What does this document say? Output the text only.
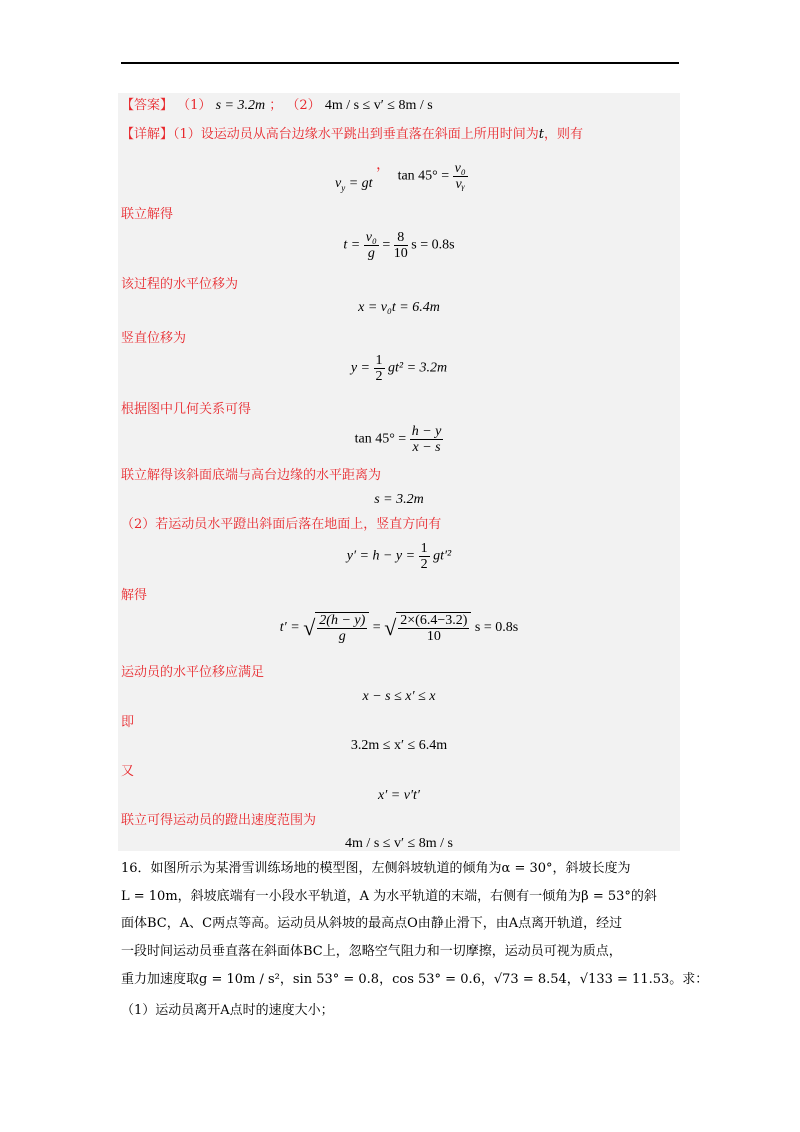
【答案】 （1） s = 3.2m ； （2） 4m / s ≤ v′ ≤ 8m / s
【详解】（1）设运动员从高台边缘水平跳出到垂直落在斜面上所用时间为t，则有
$v_y$ = gt ， $\tan 45^\circ = \frac{\text{v₀}}{\text{vᵧ}}$
联立解得
$t = \frac{\text{v₀}}{g} = \frac{8}{10}$ s = 0.8s
该过程的水平位移为
x = v₀t = 6.4m
竖直位移为
$y = \frac{1}{2} gt^2 = 3.2m$
根据图中几何关系可得
$\tan 45^\circ = \frac{h - y}{x - s}$
联立解得该斜面底端与高台边缘的水平距离为
s = 3.2m
（2）若运动员水平蹬出斜面后落在地面上，竖直方向有
$y' = h - y = \frac{1}{2} gt'^2$
解得
t′ = √ $\frac{2(h - y)}{g}$ = √ $\frac{2\times(6.4-3.2)}{10}$ s = 0.8s
运动员的水平位移应满足
x − s ≤ x′ ≤ x
即
3.2m ≤ x′ ≤ 6.4m
又
x′ = v′t′
联立可得运动员的蹬出速度范围为
4m / s ≤ v′ ≤ 8m / s
16．如图所示为某滑雪训练场地的模型图，左侧斜坡轨道的倾角为α = 30°，斜坡长度为
L = 10m，斜坡底端有一小段水平轨道，A 为水平轨道的末端，右侧有一倾角为β = 53°的斜
面体BC，A、C两点等高。运动员从斜坡的最高点O由静止滑下，由A点离开轨道，经过
一段时间运动员垂直落在斜面体BC上，忽略空气阻力和一切摩擦，运动员可视为质点，
重力加速度取g = 10m / s²，sin 53° = 0.8，cos 53° = 0.6，√73 = 8.54，√133 = 11.53。求：
（1）运动员离开A点时的速度大小；
